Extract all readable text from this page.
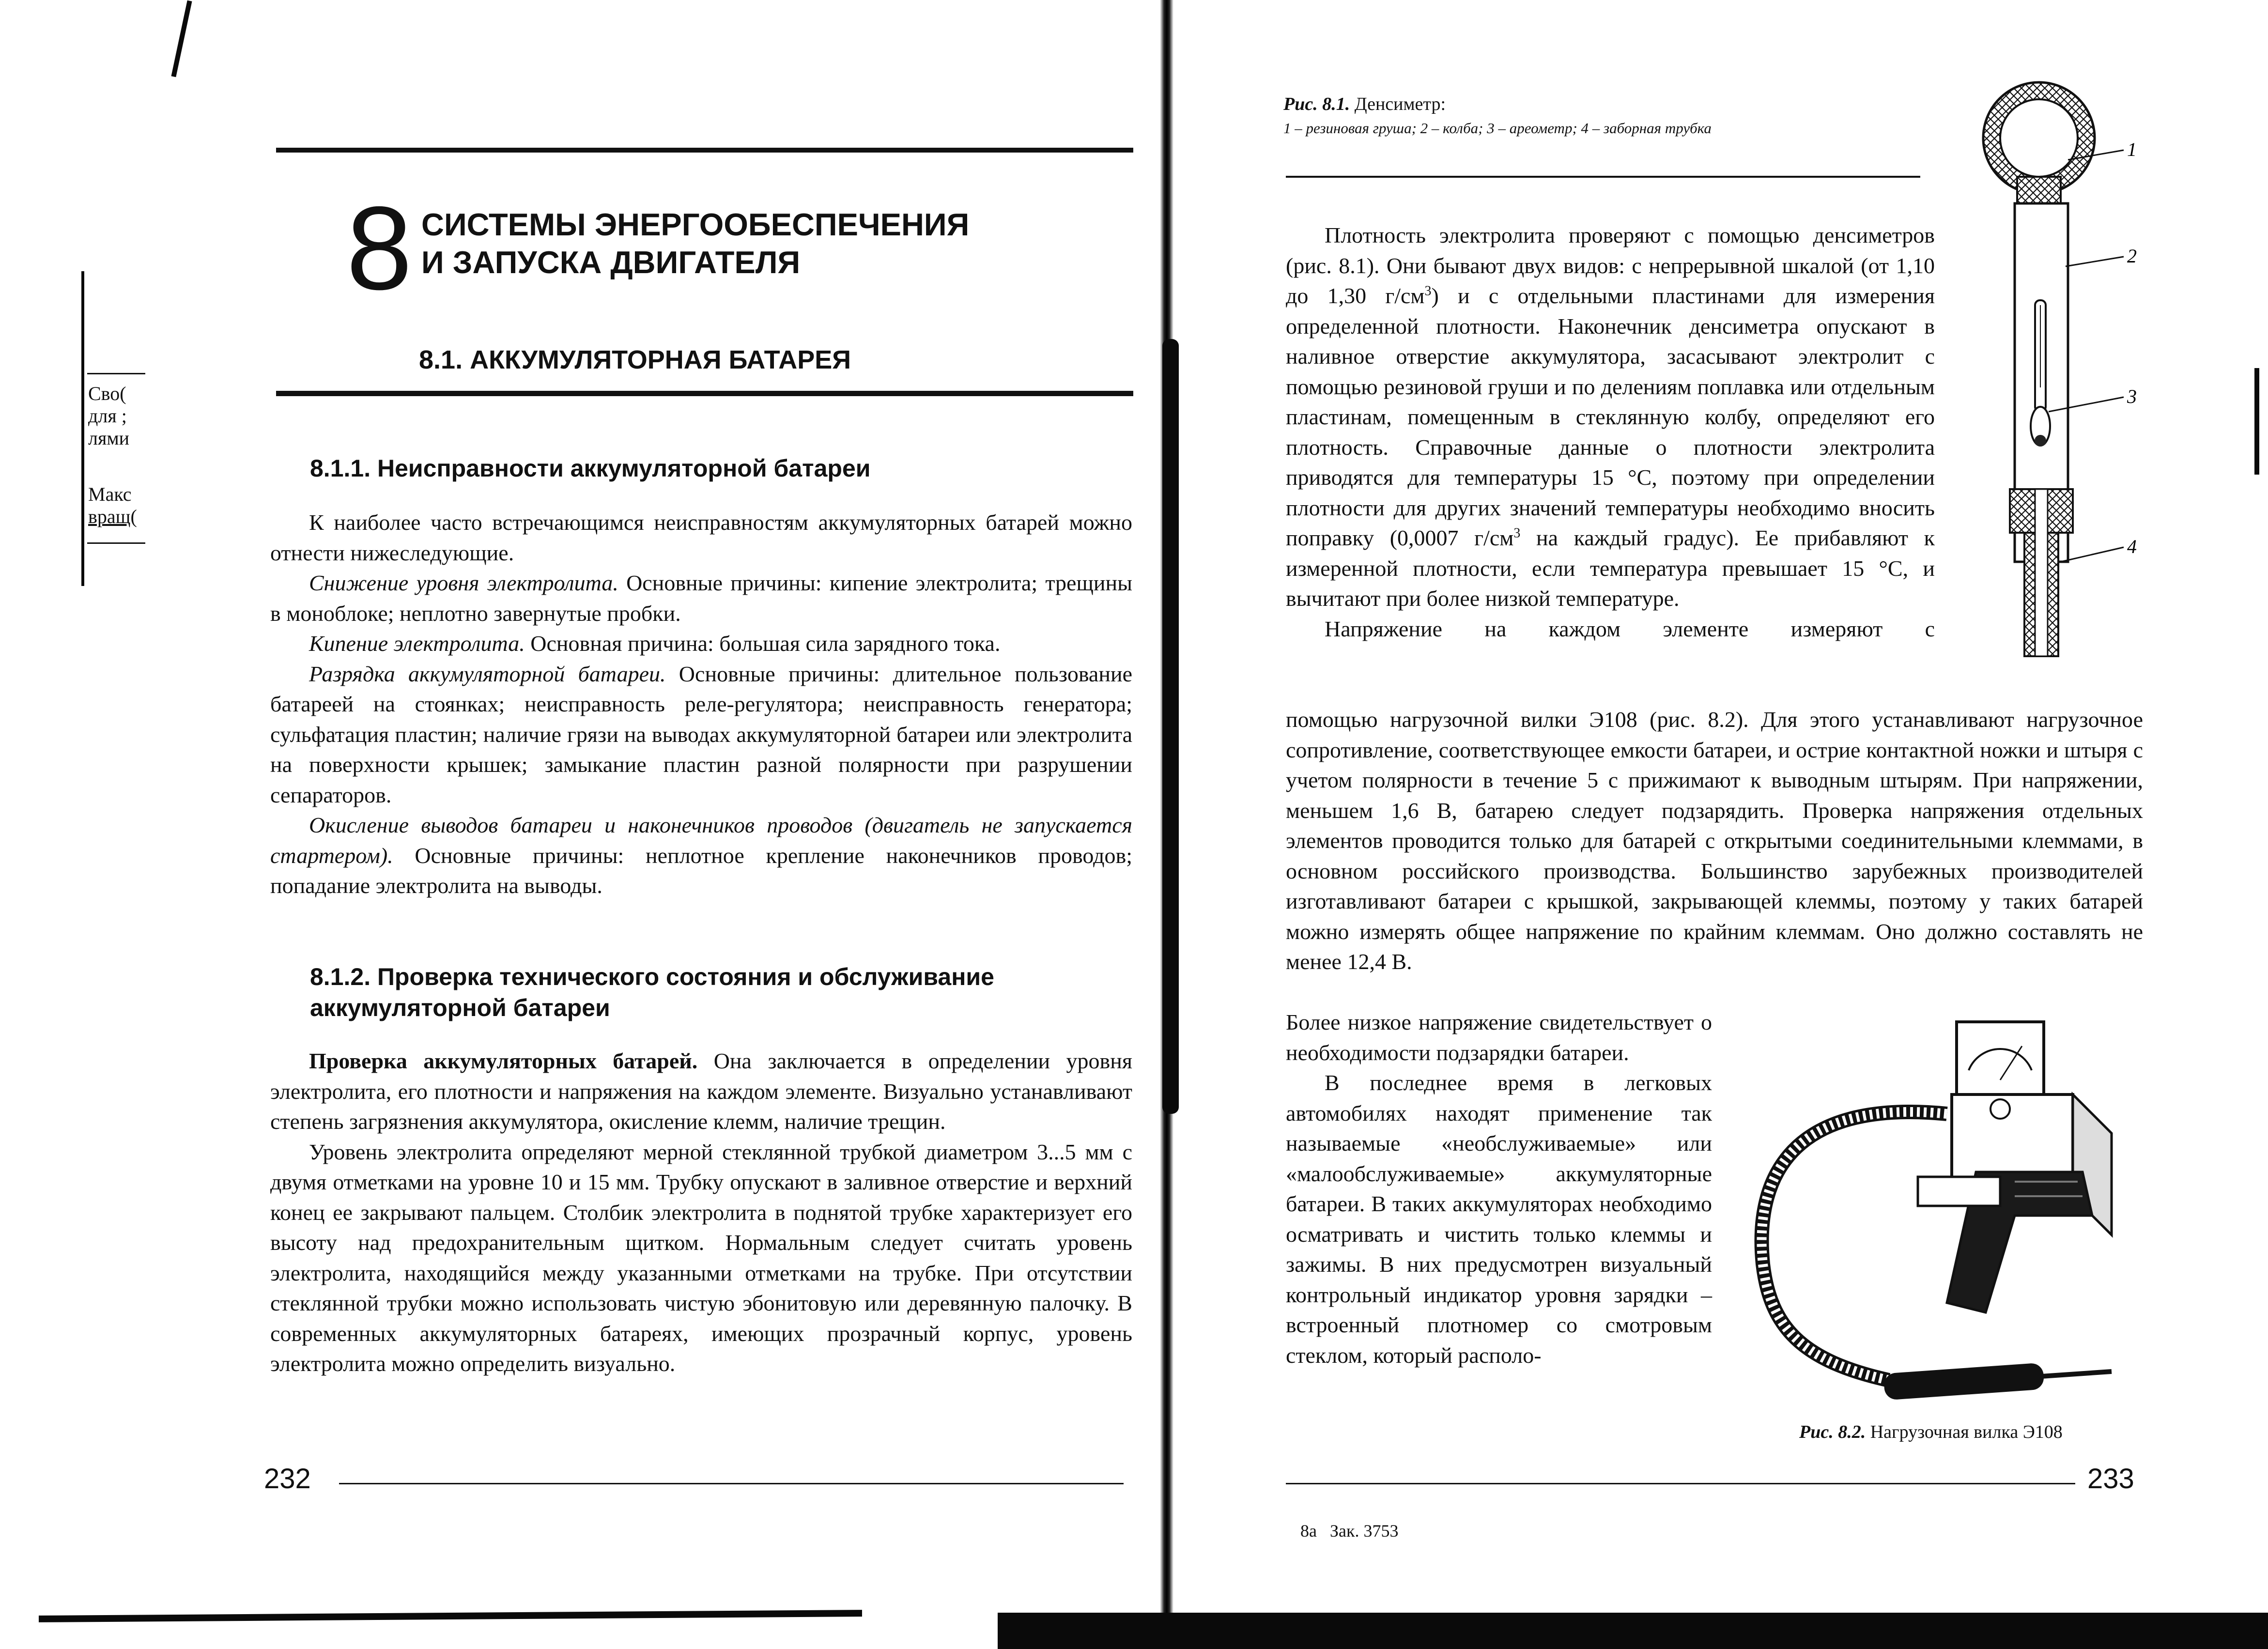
Сво(
для ;
лями
Макс
вращ(
8 СИСТЕМЫ ЭНЕРГООБЕСПЕЧЕНИЯ
И ЗАПУСКА ДВИГАТЕЛЯ
8.1. АККУМУЛЯТОРНАЯ БАТАРЕЯ
8.1.1. Неисправности аккумуляторной батареи

К наиболее часто встречающимся неисправностям аккумуляторных батарей можно отнести нижеследующие.

Снижение уровня электролита. Основные причины: кипение электролита; трещины в моноблоке; неплотно завернутые пробки.

Кипение электролита. Основная причина: большая сила зарядного тока.

Разрядка аккумуляторной батареи. Основные причины: длительное пользование батареей на стоянках; неисправность реле-регулятора; неисправность генератора; сульфатация пластин; наличие грязи на выводах аккумуляторной батареи или электролита на поверхности крышек; замыкание пластин разной полярности при разрушении сепараторов.

Окисление выводов батареи и наконечников проводов (двигатель не запускается стартером). Основные причины: неплотное крепление наконечников проводов; попадание электролита на выводы.

8.1.2. Проверка технического состояния и обслуживание
аккумуляторной батареи

Проверка аккумуляторных батарей. Она заключается в определении уровня электролита, его плотности и напряжения на каждом элементе. Визуально устанавливают степень загрязнения аккумулятора, окисление клемм, наличие трещин.

Уровень электролита определяют мерной стеклянной трубкой диаметром 3...5 мм с двумя отметками на уровне 10 и 15 мм. Трубку опускают в заливное отверстие и верхний конец ее закрывают пальцем. Столбик электролита в поднятой трубке характеризует его высоту над предохранительным щитком. Нормальным следует считать уровень электролита, находящийся между указанными отметками на трубке. При отсутствии стеклянной трубки можно использовать чистую эбонитовую или деревянную палочку. В современных аккумуляторных батареях, имеющих прозрачный корпус, уровень электролита можно определить визуально.

232
Рис. 8.1. Денсиметр:
1 – резиновая груша; 2 – колба; 3 – ареометр; 4 – заборная трубка
1
2
3
4

Плотность электролита проверяют с помощью денсиметров (рис. 8.1). Они бывают двух видов: с непрерывной шкалой (от 1,10 до 1,30 $г/см^3$) и с отдельными пластинами для измерения определенной плотности. Наконечник денсиметра опускают в наливное отверстие аккумулятора, засасывают электролит с помощью резиновой груши и по делениям поплавка или отдельным пластинам, помещенным в стеклянную колбу, определяют его плотность. Справочные данные о плотности электролита приводятся для температуры 15 °С, поэтому при определении плотности для других значений температуры необходимо вносить поправку (0,0007 $г/см^3$ на каждый градус). Ее прибавляют к измеренной плотности, если температура превышает 15 °С, и вычитают при более низкой температуре.

Напряжение на каждом элементе измеряют с

помощью нагрузочной вилки Э108 (рис. 8.2). Для этого устанавливают нагрузочное сопротивление, соответствующее емкости батареи, и острие контактной ножки и штыря с учетом полярности в течение 5 с прижимают к выводным штырям. При напряжении, меньшем 1,6 В, батарею следует подзарядить. Проверка напряжения отдельных элементов проводится только для батарей с открытыми соединительными клеммами, в основном российского производства. Большинство зарубежных производителей изготавливают батареи с крышкой, закрывающей клеммы, поэтому у таких батарей можно измерять общее напряжение по крайним клеммам. Оно должно составлять не менее 12,4 В.

Более низкое напряжение свидетельствует о необходимости подзарядки батареи.

В последнее время в легковых автомобилях находят применение так называемые «необслуживаемые» или «малообслуживаемые» аккумуляторные батареи. В таких аккумуляторах необходимо осматривать и чистить только клеммы и зажимы. В них предусмотрен визуальный контрольный индикатор уровня зарядки – встроенный плотномер со смотровым стеклом, который располо-

Рис. 8.2. Нагрузочная вилка Э108
233
8а   Зак. 3753
